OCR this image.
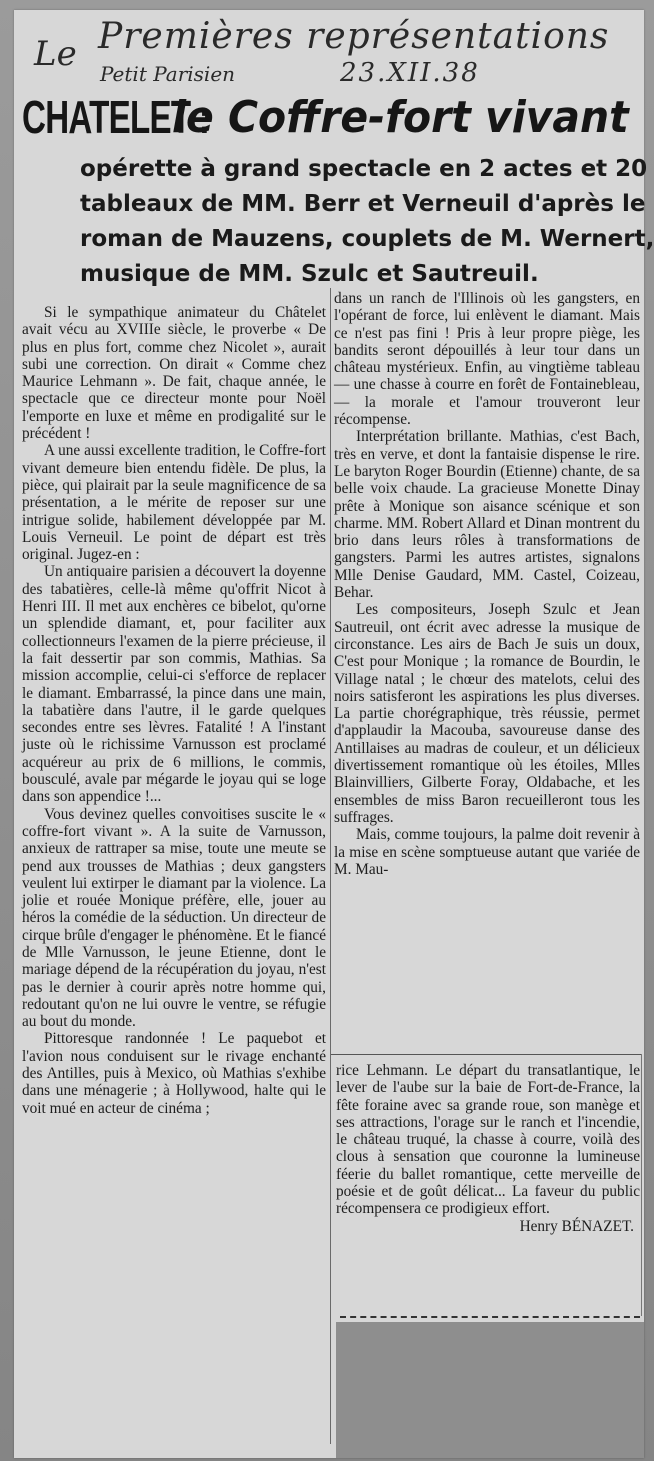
Le Premières représentations
Petit Parisien	23.XII.38
CHATELET :
le Coffre-fort vivant
opérette à grand spectacle en 2 actes et 20
tableaux de MM. Berr et Verneuil d'après le
roman de Mauzens, couplets de M. Wernert,
musique de MM. Szulc et Sautreuil.

Si le sympathique animateur du Châtelet avait vécu au XVIIIe siècle, le proverbe « De plus en plus fort, comme chez Nicolet », aurait subi une correction. On dirait « Comme chez Maurice Lehmann ». De fait, chaque année, le spectacle que ce directeur monte pour Noël l'emporte en luxe et même en prodigalité sur le précédent !

A une aussi excellente tradition, le Coffre-fort vivant demeure bien entendu fidèle. De plus, la pièce, qui plairait par la seule magnificence de sa présentation, a le mérite de reposer sur une intrigue solide, habilement développée par M. Louis Verneuil. Le point de départ est très original. Jugez-en :

Un antiquaire parisien a découvert la doyenne des tabatières, celle-là même qu'offrit Nicot à Henri III. Il met aux enchères ce bibelot, qu'orne un splendide diamant, et, pour faciliter aux collectionneurs l'examen de la pierre précieuse, il la fait dessertir par son commis, Mathias. Sa mission accomplie, celui-ci s'efforce de replacer le diamant. Embarrassé, la pince dans une main, la tabatière dans l'autre, il le garde quelques secondes entre ses lèvres. Fatalité ! A l'instant juste où le richissime Varnusson est proclamé acquéreur au prix de 6 millions, le commis, bousculé, avale par mégarde le joyau qui se loge dans son appendice !...

Vous devinez quelles convoitises suscite le « coffre-fort vivant ». A la suite de Varnusson, anxieux de rattraper sa mise, toute une meute se pend aux trousses de Mathias ; deux gangsters veulent lui extirper le diamant par la violence. La jolie et rouée Monique préfère, elle, jouer au héros la comédie de la séduction. Un directeur de cirque brûle d'engager le phénomène. Et le fiancé de Mlle Varnusson, le jeune Etienne, dont le mariage dépend de la récupération du joyau, n'est pas le dernier à courir après notre homme qui, redoutant qu'on ne lui ouvre le ventre, se réfugie au bout du monde.

Pittoresque randonnée ! Le paquebot et l'avion nous conduisent sur le rivage enchanté des Antilles, puis à Mexico, où Mathias s'exhibe dans une ménagerie ; à Hollywood, halte qui le voit mué en acteur de cinéma ;

dans un ranch de l'Illinois où les gangsters, en l'opérant de force, lui enlèvent le diamant. Mais ce n'est pas fini ! Pris à leur propre piège, les bandits seront dépouillés à leur tour dans un château mystérieux. Enfin, au vingtième tableau — une chasse à courre en forêt de Fontainebleau, — la morale et l'amour trouveront leur récompense.

Interprétation brillante. Mathias, c'est Bach, très en verve, et dont la fantaisie dispense le rire. Le baryton Roger Bourdin (Etienne) chante, de sa belle voix chaude. La gracieuse Monette Dinay prête à Monique son aisance scénique et son charme. MM. Robert Allard et Dinan montrent du brio dans leurs rôles à transformations de gangsters. Parmi les autres artistes, signalons Mlle Denise Gaudard, MM. Castel, Coizeau, Behar.

Les compositeurs, Joseph Szulc et Jean Sautreuil, ont écrit avec adresse la musique de circonstance. Les airs de Bach Je suis un doux, C'est pour Monique ; la romance de Bourdin, le Village natal ; le chœur des matelots, celui des noirs satisferont les aspirations les plus diverses. La partie chorégraphique, très réussie, permet d'applaudir la Macouba, savoureuse danse des Antillaises au madras de couleur, et un délicieux divertissement romantique où les étoiles, Mlles Blainvilliers, Gilberte Foray, Oldabache, et les ensembles de miss Baron recueilleront tous les suffrages.

Mais, comme toujours, la palme doit revenir à la mise en scène somptueuse autant que variée de M. Mau-

rice Lehmann. Le départ du transatlantique, le lever de l'aube sur la baie de Fort-de-France, la fête foraine avec sa grande roue, son manège et ses attractions, l'orage sur le ranch et l'incendie, le château truqué, la chasse à courre, voilà des clous à sensation que couronne la lumineuse féerie du ballet romantique, cette merveille de poésie et de goût délicat... La faveur du public récompensera ce prodigieux effort.

Henry BÉNAZET.
